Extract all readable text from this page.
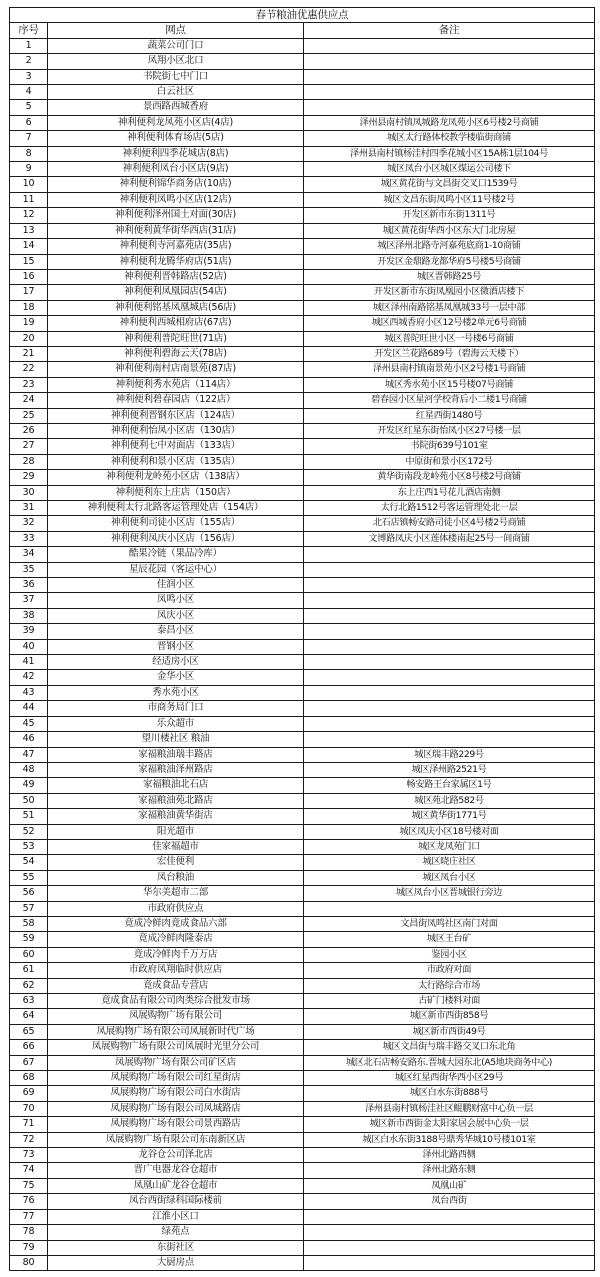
春节粮油优惠供应点		
序号	网点	备注
1	蔬菜公司门口	
2	凤翔小区北口	
3	书院街七中门口	
4	白云社区	
5	景西路西城香府	
6	神利便利龙凤苑小区店(4店)	泽州县南村镇凤城路龙凤苑小区6号楼2号商铺
7	神利便利体育场店(5店)	城区太行路体校教学楼临街商铺
8	神利便利四季花城店(8店)	泽州县南村镇杨洼村四季花城小区15A栋1层104号
9	神利便利凤台小区店(9店)	城区凤台小区城区煤运公司楼下
10	神利便利锦华商务店(10店)	城区黄花街与文昌街交叉口1539号
11	神利便利凤鸣小区店(12店)	城区文昌东街凤鸣小区11号楼2号
12	神利便利泽州国土对面(30店)	开发区新市东街1311号
13	神利便利黄华街华西店(31店)	城区黄花街华西小区东大门北房屋
14	神利便利寺河嘉苑店(35店)	城区泽州北路寺河嘉苑底商1-10商铺
15	神利便利龙腾华府店(51店)	开发区金鼎路龙都华府5号楼5号商铺
16	神利便利晋韩路店(52店)	城区晋韩路25号
17	神利便利凤凰园店(54店)	开发区新市东街凤凰园小区微酒店楼下
18	神利便利铭基凤凰城店(56店)	城区泽州南路铭基凤凰城33号一层中部
19	神利便利西城相府店(67店)	城区西城香府小区12号楼2单元6号商铺
20	神利便利普陀旺世(71店)	城区普陀旺世小区一号楼6号商铺
21	神利便利碧海云天(78店)	开发区兰花路689号（碧海云天楼下）
22	神利便利南村店南景苑(87店)	泽州县南村镇南景苑小区2号楼1号商铺
23	神利便利秀水苑店（114店）	城区秀水苑小区15号楼07号商铺
24	神利便利碧春园店（122店）	碧春园小区星河学校背后小二楼1号商铺
25	神利便利晋钢东区店（124店）	红星西街1480号
26	神利便利怡凤小区店（130店）	开发区红星东街怡凤小区27号楼一层
27	神利便利七中对面店（133店）	书院街639号101室
28	神利便利和景小区店（135店）	中原街和景小区172号
29	神利便利龙岭苑小区店（138店）	黄华街南段龙岭苑小区8号楼2号商铺
30	神利便利东上庄店（150店）	东上庄西1号花儿酒店南侧
31	神利便利太行北路客运管理处店（154店）	太行北路1512号客运管理处北一层
32	神利便利司徒小区店（155店）	北石店镇畅安路司徒小区4号楼2号商铺
33	神利便利凤庆小区店（156店）	文博路凤庆小区莲体楼南起25号一间商铺
34	酷果冷链（果品冷库）	
35	星辰花园（客运中心）	
36	佳润小区	
37	凤鸣小区	
38	凤庆小区	
39	泰昌小区	
40	晋钢小区	
41	经适房小区	
42	金华小区	
43	秀水苑小区	
44	市商务局门口	
45	乐众超市	
46	望川楼社区 粮油	
47	家福粮油瑞丰路店	城区瑞丰路229号
48	家福粮油泽州路店	城区泽州路2521号
49	家福粮油北石店	畅安路王台家属区1号
50	家福粮油苑北路店	城区苑北路582号
51	家福粮油黄华街店	城区黄华街1771号
52	阳光超市	城区凤庆小区18号楼对面
53	佳家福超市	城区龙凤苑门口
54	宏佳便利	城区晓庄社区
55	凤台粮油	城区凤台小区
56	华尔美超市二部	城区凤台小区晋城银行旁边
57	市政府供应点	
58	竟成冷鲜肉竟成食品六部	文昌街凤鸣社区南门对面
59	竟成冷鲜肉隆泰店	城区王台矿
60	竟成冷鲜肉千万万店	鉴园小区
61	市政府凤翔临时供应店	市政府对面
62	竟成食品专营店	太行路综合市场
63	竟成食品有限公司肉类综合批发市场	古矿门楼料对面
64	凤展购物广场有限公司	城区新市西街858号
65	凤展购物广场有限公司凤展新时代广场	城区新市西街49号
66	凤展购物广场有限公司凤展时光里分公司	城区文昌街与瑞丰路交叉口东北角
67	凤展购物广场有限公司矿区店	城区北石店畅安路东.晋城大园东北(A5地块商务中心)
68	凤展购物广场有限公司红星街店	城区红星西街华西小区29号
69	凤展购物广场有限公司白水街店	城区白水东街888号
70	凤展购物广场有限公司凤城路店	泽州县南村镇杨洼社区鲲鹏财富中心负一层
71	凤展购物广场有限公司景西路店	城区新市西街金太阳家居会展中心负一层
72	凤展购物广场有限公司东南新区店	城区白水东街3188号鼎秀华城10号楼101室
73	龙谷仓公司泽北店	泽州北路西侧
74	晋广电器龙谷仓超市	泽州北路东侧
75	凤凰山矿龙谷仓超市	凤凰山矿
76	凤台西街绿科国际楼前	凤台西街
77	江淮小区口	
78	绿苑点	
79	东街社区	
80	大厨房点	
